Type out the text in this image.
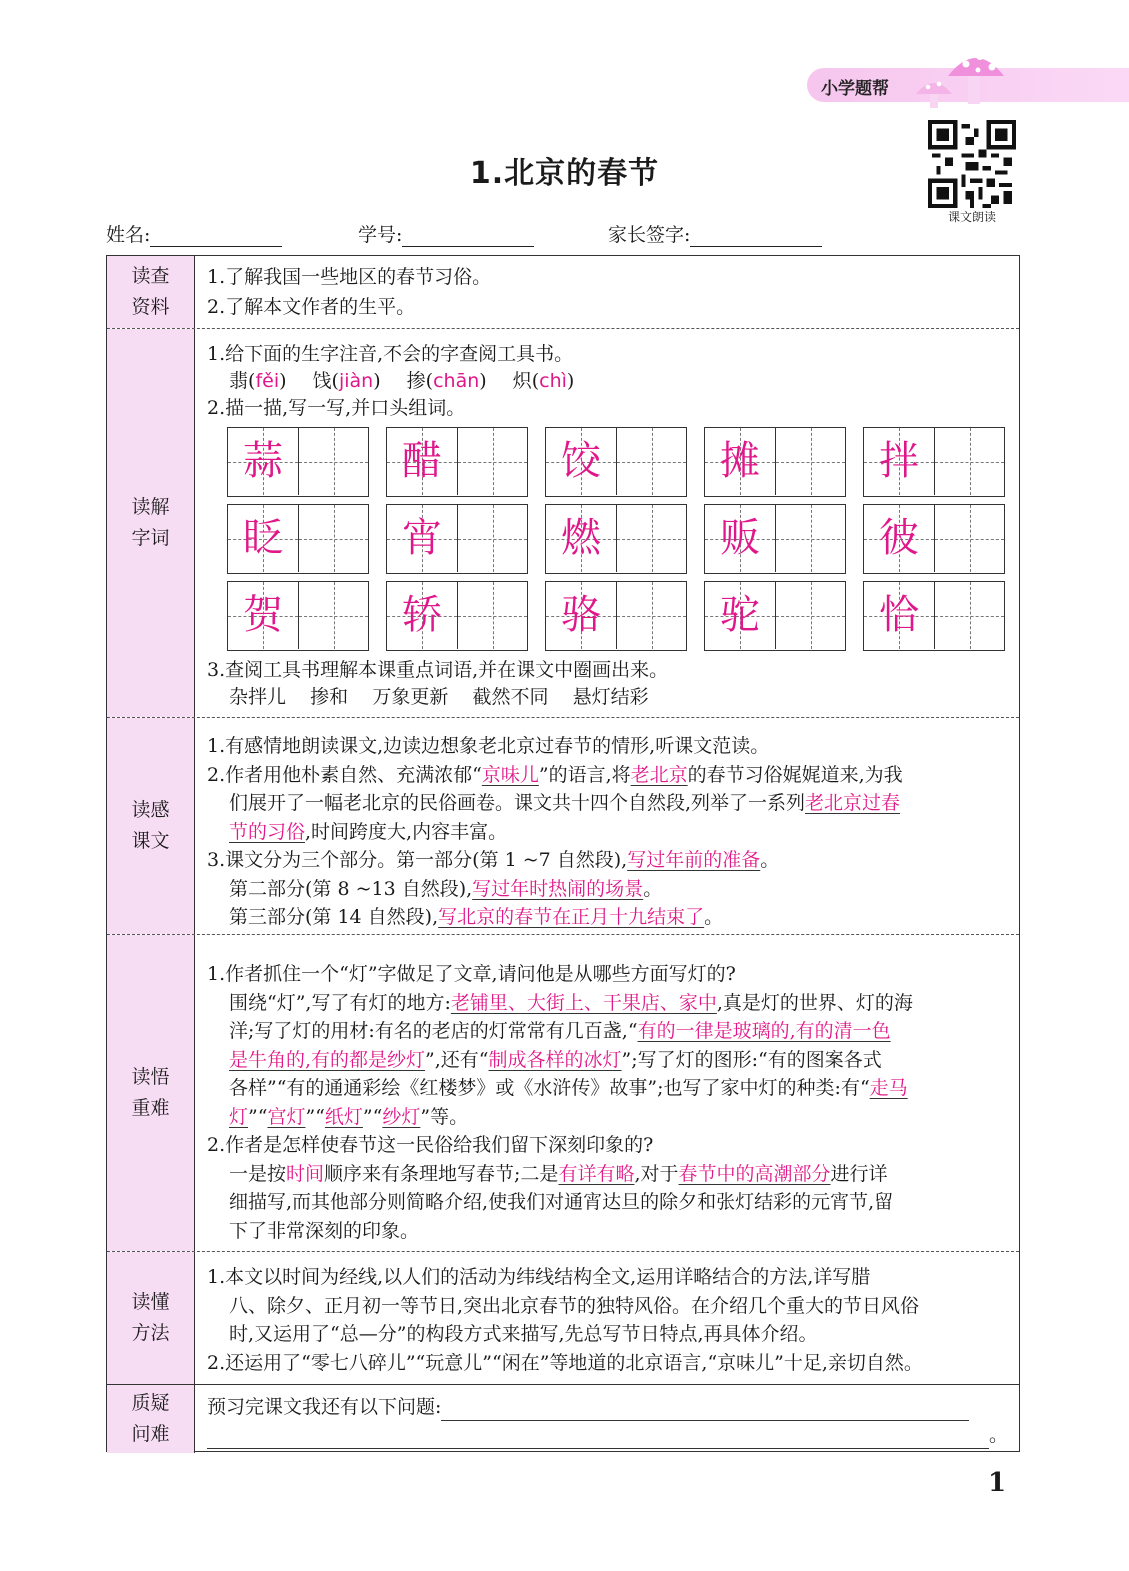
小学题帮
课文朗读
1.北京的春节
姓名:	学号:	家长签字:
读查
资料

1.了解我国一些地区的春节习俗。

2.了解本文作者的生平。

读解
字词

1.给下面的生字注音,不会的字查阅工具书。

翡(fěi) 饯(jiàn) 掺(chān) 炽(chì)

2.描一描,写一写,并口头组词。

蒜	醋	饺	摊	拌
眨	宵	燃	贩	彼
贺	轿	骆	驼	恰

3.查阅工具书理解本课重点词语,并在课文中圈画出来。

杂拌儿    掺和    万象更新    截然不同    悬灯结彩

读感
课文

1.有感情地朗读课文,边读边想象老北京过春节的情形,听课文范读。

2.作者用他朴素自然、充满浓郁“京味儿”的语言,将老北京的春节习俗娓娓道来,为我

们展开了一幅老北京的民俗画卷。课文共十四个自然段,列举了一系列老北京过春

节的习俗,时间跨度大,内容丰富。

3.课文分为三个部分。第一部分(第 1 ~7 自然段),写过年前的准备。

第二部分(第 8 ~13 自然段),写过年时热闹的场景。

第三部分(第 14 自然段),写北京的春节在正月十九结束了。

读悟
重难

1.作者抓住一个“灯”字做足了文章,请问他是从哪些方面写灯的?

围绕“灯”,写了有灯的地方:老铺里、大街上、干果店、家中,真是灯的世界、灯的海

洋;写了灯的用材:有名的老店的灯常常有几百盏,“有的一律是玻璃的,有的清一色

是牛角的,有的都是纱灯”,还有“制成各样的冰灯”;写了灯的图形:“有的图案各式

各样”“有的通通彩绘《红楼梦》或《水浒传》故事”;也写了家中灯的种类:有“走马

灯”“宫灯”“纸灯”“纱灯”等。

2.作者是怎样使春节这一民俗给我们留下深刻印象的?

一是按时间顺序来有条理地写春节;二是有详有略,对于春节中的高潮部分进行详

细描写,而其他部分则简略介绍,使我们对通宵达旦的除夕和张灯结彩的元宵节,留

下了非常深刻的印象。

读懂
方法

1.本文以时间为经线,以人们的活动为纬线结构全文,运用详略结合的方法,详写腊

八、除夕、正月初一等节日,突出北京春节的独特风俗。在介绍几个重大的节日风俗

时,又运用了“总—分”的构段方式来描写,先总写节日特点,再具体介绍。

2.还运用了“零七八碎儿”“玩意儿”“闲在”等地道的北京语言,“京味儿”十足,亲切自然。

质疑
问难

预习完课文我还有以下问题:

。

1
